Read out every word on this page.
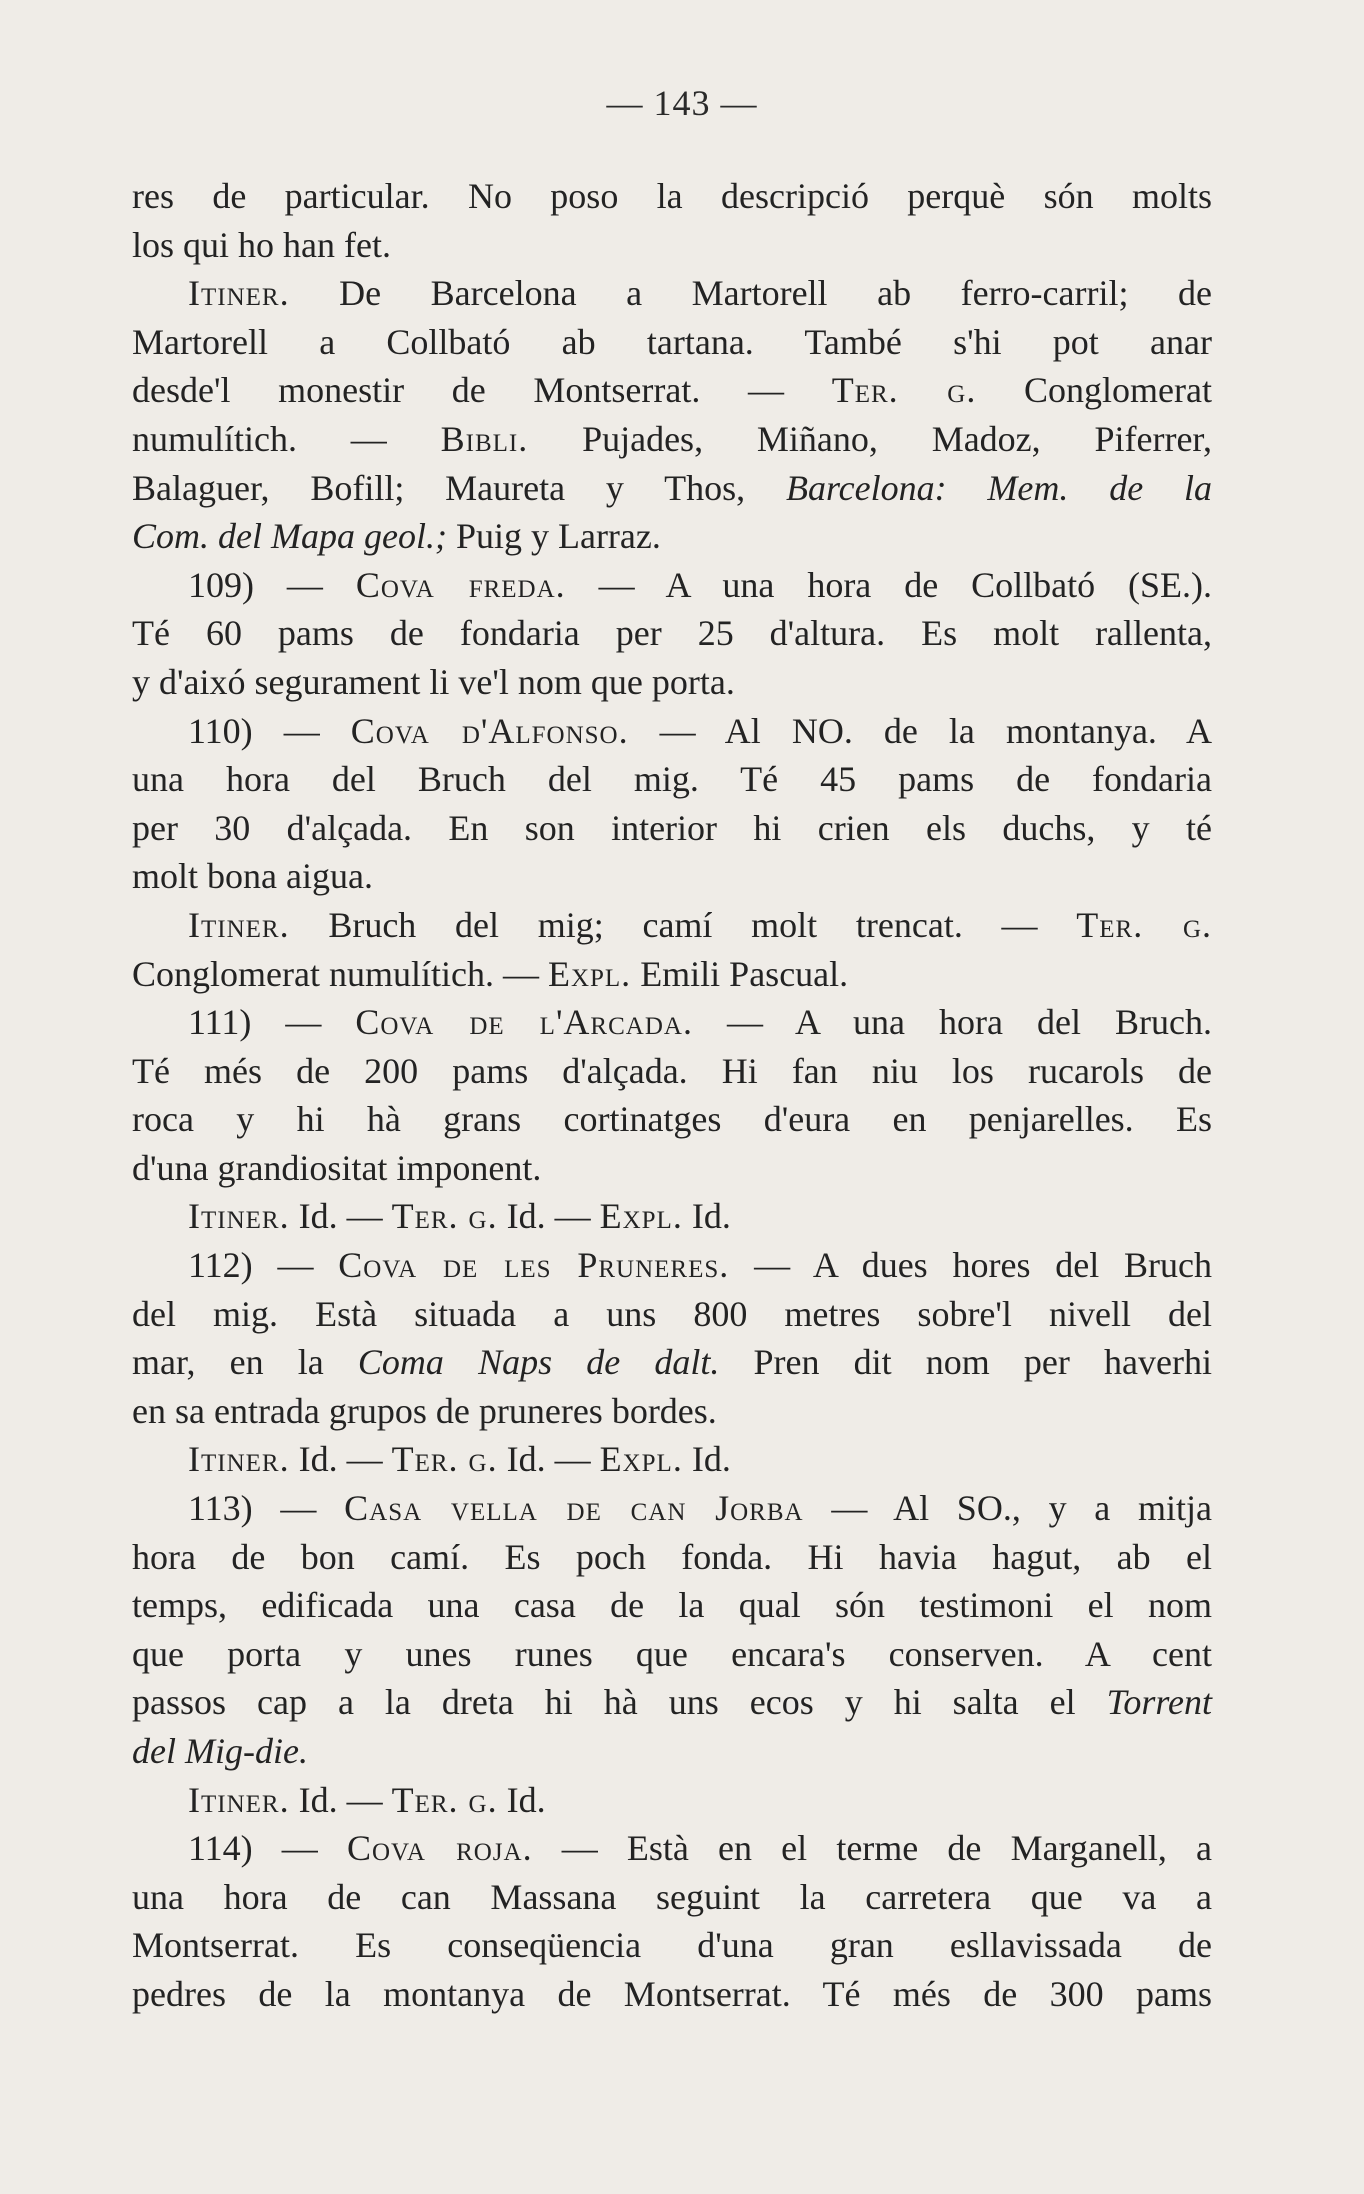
— 143 —
res de particular. No poso la descripció perquè són molts
los qui ho han fet.
Itiner. De Barcelona a Martorell ab ferro-carril; de
Martorell a Collbató ab tartana. També s'hi pot anar
desde'l monestir de Montserrat. — Ter. g. Conglomerat
numulítich. — Bibli. Pujades, Miñano, Madoz, Piferrer,
Balaguer, Bofill; Maureta y Thos, Barcelona: Mem. de la
Com. del Mapa geol.; Puig y Larraz.
109) — Cova freda. — A una hora de Collbató (SE.).
Té 60 pams de fondaria per 25 d'altura. Es molt rallenta,
y d'aixó segurament li ve'l nom que porta.
110) — Cova d'Alfonso. — Al NO. de la montanya. A
una hora del Bruch del mig. Té 45 pams de fondaria
per 30 d'alçada. En son interior hi crien els duchs, y té
molt bona aigua.
Itiner. Bruch del mig; camí molt trencat. — Ter. g.
Conglomerat numulítich. — Expl. Emili Pascual.
111) — Cova de l'Arcada. — A una hora del Bruch.
Té més de 200 pams d'alçada. Hi fan niu los rucarols de
roca y hi hà grans cortinatges d'eura en penjarelles. Es
d'una grandiositat imponent.
Itiner. Id. — Ter. g. Id. — Expl. Id.
112) — Cova de les Pruneres. — A dues hores del Bruch
del mig. Està situada a uns 800 metres sobre'l nivell del
mar, en la Coma Naps de dalt. Pren dit nom per haverhi
en sa entrada grupos de pruneres bordes.
Itiner. Id. — Ter. g. Id. — Expl. Id.
113) — Casa vella de can Jorba — Al SO., y a mitja
hora de bon camí. Es poch fonda. Hi havia hagut, ab el
temps, edificada una casa de la qual són testimoni el nom
que porta y unes runes que encara's conserven. A cent
passos cap a la dreta hi hà uns ecos y hi salta el Torrent
del Mig-die.
Itiner. Id. — Ter. g. Id.
114) — Cova roja. — Està en el terme de Marganell, a
una hora de can Massana seguint la carretera que va a
Montserrat. Es conseqüencia d'una gran esllavissada de
pedres de la montanya de Montserrat. Té més de 300 pams
